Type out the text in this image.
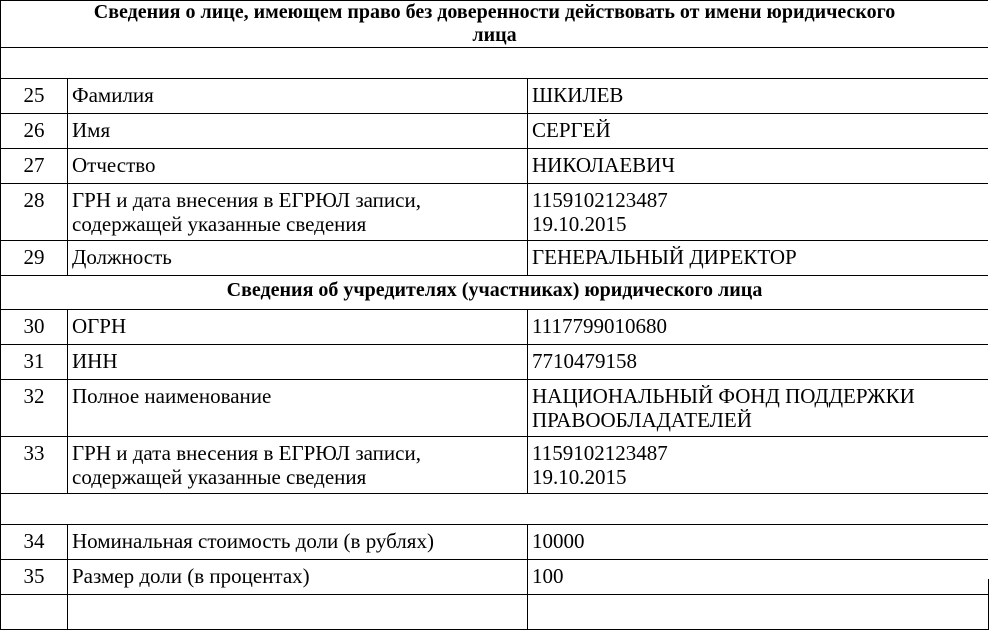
Сведения о лице, имеющем право без доверенности действовать от имени юридического
лица		

25	Фамилия	ШКИЛЕВ
26	Имя	СЕРГЕЙ
27	Отчество	НИКОЛАЕВИЧ
28	ГРН и дата внесения в ЕГРЮЛ записи,
содержащей указанные сведения	1159102123487
19.10.2015

29	Должность	ГЕНЕРАЛЬНЫЙ ДИРЕКТОР
Сведения об учредителях (участниках) юридического лица		
30	ОГРН	1117799010680
31	ИНН	7710479158
32	Полное наименование	НАЦИОНАЛЬНЫЙ ФОНД ПОДДЕРЖКИ
ПРАВООБЛАДАТЕЛЕЙ

33	ГРН и дата внесения в ЕГРЮЛ записи,
содержащей указанные сведения	1159102123487
19.10.2015

34	Номинальная стоимость доли (в рублях)	10000
35	Размер доли (в процентах)	100
